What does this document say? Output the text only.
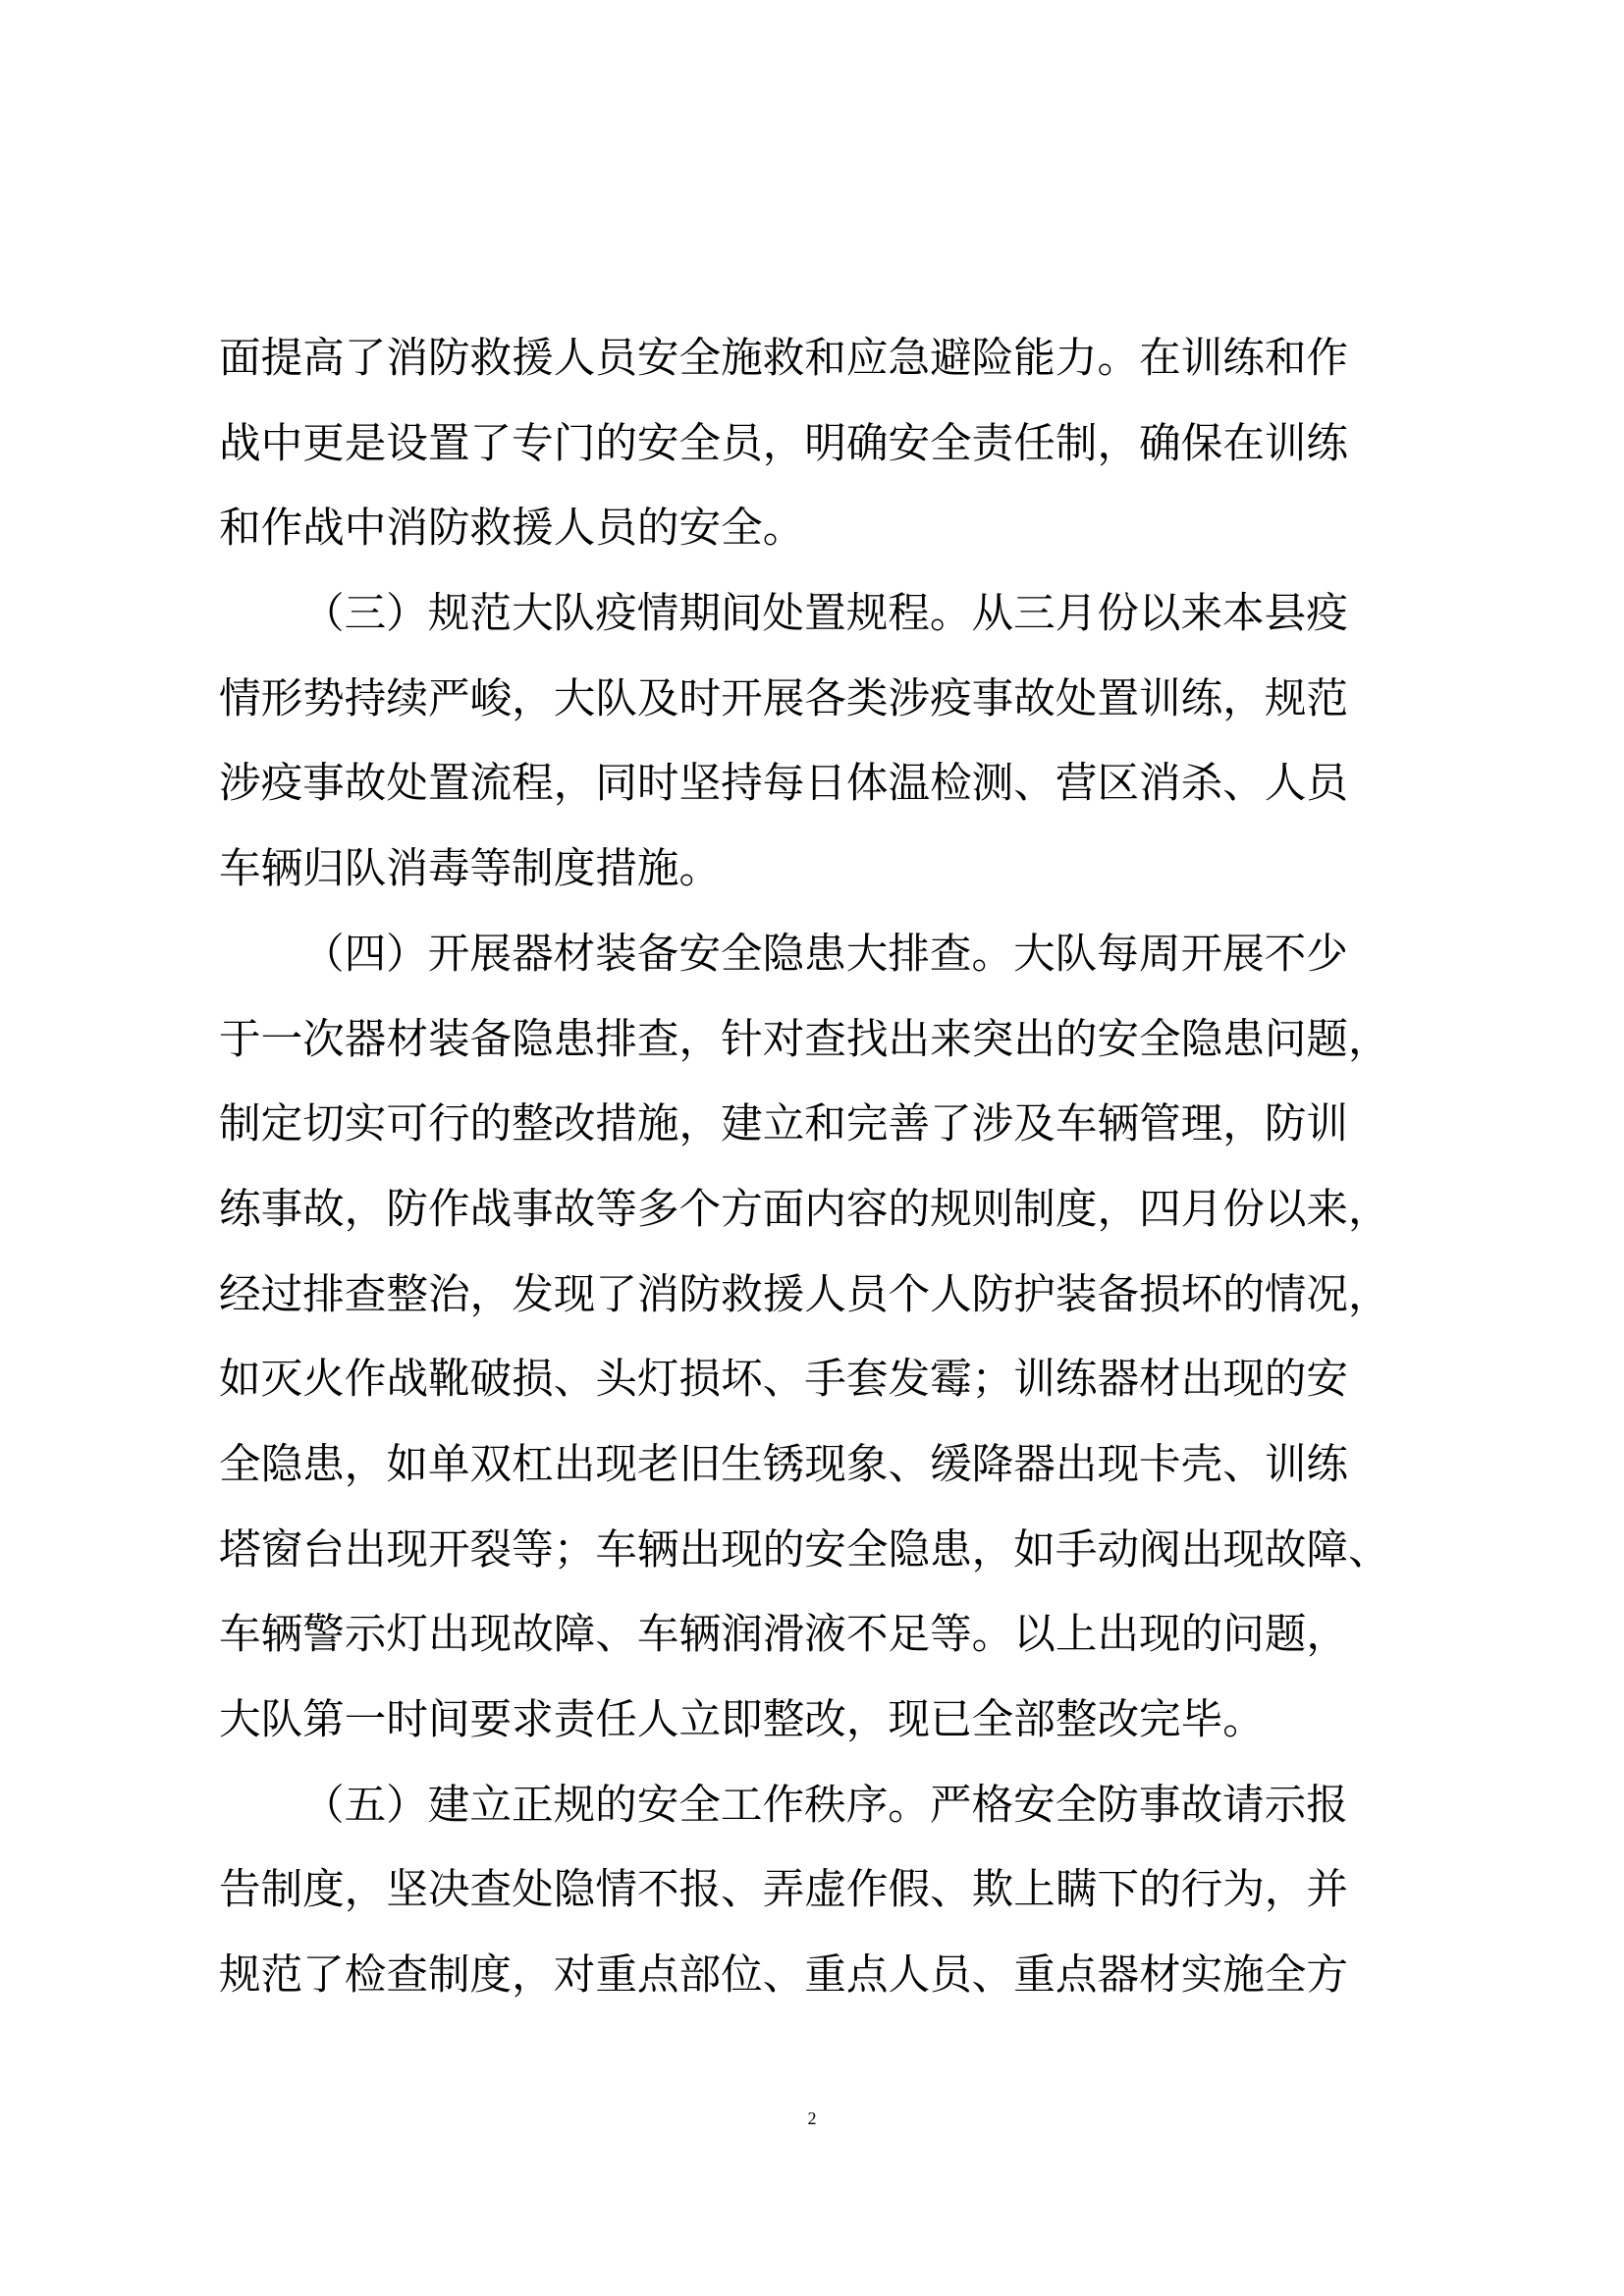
面提高了消防救援人员安全施救和应急避险能力。在训练和作
战中更是设置了专门的安全员，明确安全责任制，确保在训练
和作战中消防救援人员的安全。
（三）规范大队疫情期间处置规程。从三月份以来本县疫
情形势持续严峻，大队及时开展各类涉疫事故处置训练，规范
涉疫事故处置流程，同时坚持每日体温检测、营区消杀、人员
车辆归队消毒等制度措施。
（四）开展器材装备安全隐患大排查。大队每周开展不少
于一次器材装备隐患排查，针对查找出来突出的安全隐患问题，
制定切实可行的整改措施，建立和完善了涉及车辆管理，防训
练事故，防作战事故等多个方面内容的规则制度，四月份以来，
经过排查整治，发现了消防救援人员个人防护装备损坏的情况，
如灭火作战靴破损、头灯损坏、手套发霉；训练器材出现的安
全隐患，如单双杠出现老旧生锈现象、缓降器出现卡壳、训练
塔窗台出现开裂等；车辆出现的安全隐患，如手动阀出现故障、
车辆警示灯出现故障、车辆润滑液不足等。以上出现的问题，
大队第一时间要求责任人立即整改，现已全部整改完毕。
（五）建立正规的安全工作秩序。严格安全防事故请示报
告制度，坚决查处隐情不报、弄虚作假、欺上瞒下的行为，并
规范了检查制度，对重点部位、重点人员、重点器材实施全方
2
